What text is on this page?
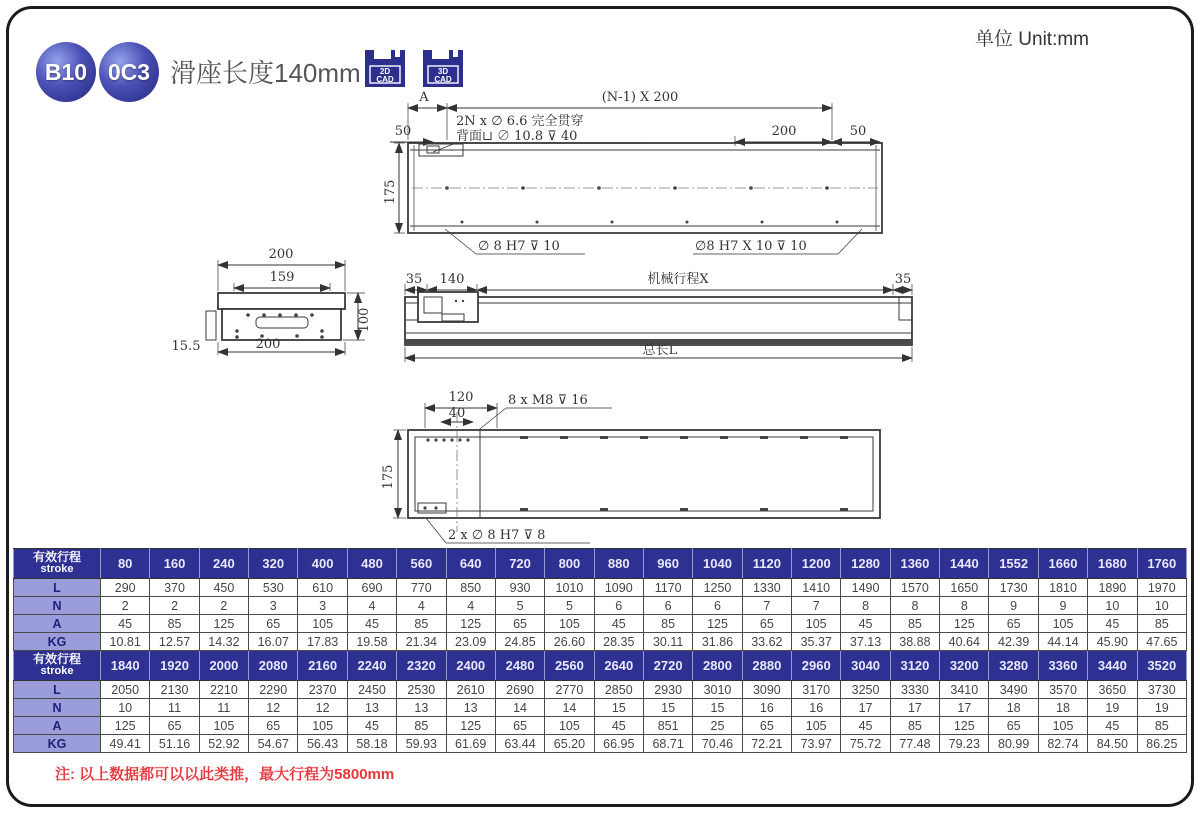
B10 0C3 滑座长度140mm
单位 Unit:mm
2D
CAD
3D
CAD
A	(N-1) X 200
50	200	50
2N x ∅ 6.6 完全贯穿
背面⊔ ∅ 10.8 ⊽ 40
175
∅ 8 H7 ⊽ 10	∅8 H7 X 10 ⊽ 10
200
159
100
15.5	200
35 140	机械行程X	35
总长L
120
40
8 x M8 ⊽ 16
175
2 x ∅ 8 H7 ⊽ 8
有效行程
stroke	80	160	240	320	400	480	560	640	720	800	880	960	1040	1120	1200	1280	1360	1440	1552	1660	1680	1760
L	290	370	450	530	610	690	770	850	930	1010	1090	1170	1250	1330	1410	1490	1570	1650	1730	1810	1890	1970
N	2	2	2	3	3	4	4	4	5	5	6	6	6	7	7	8	8	8	9	9	10	10
A	45	85	125	65	105	45	85	125	65	105	45	85	125	65	105	45	85	125	65	105	45	85
KG	10.81	12.57	14.32	16.07	17.83	19.58	21.34	23.09	24.85	26.60	28.35	30.11	31.86	33.62	35.37	37.13	38.88	40.64	42.39	44.14	45.90	47.65

有效行程
stroke	1840	1920	2000	2080	2160	2240	2320	2400	2480	2560	2640	2720	2800	2880	2960	3040	3120	3200	3280	3360	3440	3520
L	2050	2130	2210	2290	2370	2450	2530	2610	2690	2770	2850	2930	3010	3090	3170	3250	3330	3410	3490	3570	3650	3730
N	10	11	11	12	12	13	13	13	14	14	15	15	15	16	16	17	17	17	18	18	19	19
A	125	65	105	65	105	45	85	125	65	105	45	851	25	65	105	45	85	125	65	105	45	85
KG	49.41	51.16	52.92	54.67	56.43	58.18	59.93	61.69	63.44	65.20	66.95	68.71	70.46	72.21	73.97	75.72	77.48	79.23	80.99	82.74	84.50	86.25
注: 以上数据都可以以此类推，最大行程为5800mm
